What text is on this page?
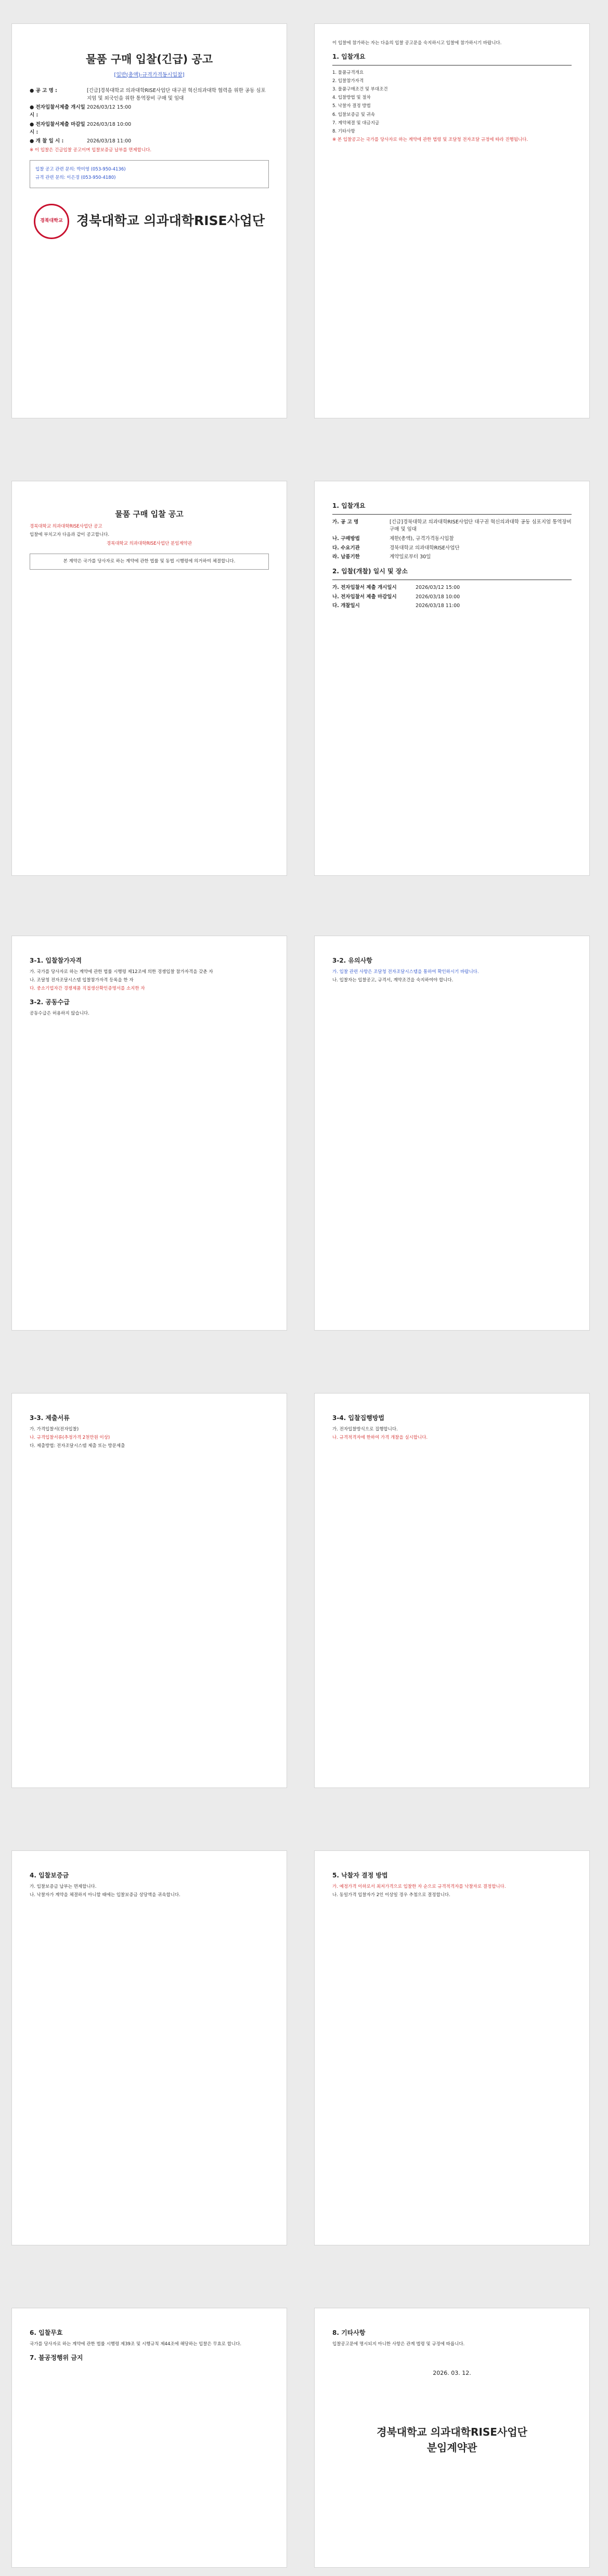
물품 구매 입찰(긴급) 공고
[일반(총액)-규격가격동시입찰]
● 공 고 명 :	[긴급]경북대학교 의과대학RISE사업단 대구권 혁신의과대학 협력을 위한 공동 심포지엄 및 외국인을 위한 통역장비 구매 및 임대
● 전자입찰서제출 개시일시 :
2026/03/12 15:00
● 전자입찰서제출 마감일시 :
2026/03/18 10:00
● 개 찰 일 시 :	2026/03/18 11:00

※ 이 입찰은 긴급입찰 공고이며 입찰보증금 납부를 면제합니다.

입찰 공고 관련 문의: 박미영 (053-950-4136)

규격 관련 문의: 이은경 (053-950-4180)

경북대학교	경북대학교 의과대학RISE사업단

이 입찰에 참가하는 자는 다음의 입찰 공고문을 숙지하시고 입찰에 참가하시기 바랍니다.

1. 입찰개요

1. 물품규격개요

2. 입찰참가자격

3. 물품구매조건 및 부대조건

4. 입찰방법 및 절차

5. 낙찰자 결정 방법

6. 입찰보증금 및 귀속

7. 계약체결 및 대금지급

8. 기타사항

※ 본 입찰공고는 국가를 당사자로 하는 계약에 관한 법령 및 조달청 전자조달 규정에 따라 진행됩니다.

물품 구매 입찰 공고

경북대학교 의과대학RISE사업단 공고

입찰에 부치고자 다음과 같이 공고합니다.

경북대학교 의과대학RISE사업단 분임계약관

본 계약은 국가를 당사자로 하는 계약에 관한 법률 및 동법 시행령에 의거하여 체결합니다.
1. 입찰개요
가. 공 고 명	[긴급]경북대학교 의과대학RISE사업단 대구권 혁신의과대학 공동 심포지엄 통역장비 구매 및 임대
나. 구매방법	제한(총액), 규격가격동시입찰
다. 수요기관	경북대학교 의과대학RISE사업단
라. 납품기한	계약일로부터 30일
2. 입찰(개찰) 일시 및 장소
가. 전자입찰서 제출 개시일시	2026/03/12 15:00
나. 전자입찰서 제출 마감일시	2026/03/18 10:00
다. 개찰일시	2026/03/18 11:00
3-1. 입찰참가자격

가. 국가를 당사자로 하는 계약에 관한 법률 시행령 제12조에 의한 경쟁입찰 참가자격을 갖춘 자

나. 조달청 전자조달시스템 입찰참가자격 등록을 한 자

다. 중소기업자간 경쟁제품 직접생산확인증명서를 소지한 자

3-2. 공동수급

공동수급은 허용하지 않습니다.

3-2. 유의사항

가. 입찰 관련 사항은 조달청 전자조달시스템을 통하여 확인하시기 바랍니다.

나. 입찰자는 입찰공고, 규격서, 계약조건을 숙지하여야 합니다.

3-3. 제출서류

가. 가격입찰서(전자입찰)

나. 규격입찰서류(추정가격 2천만원 이상)

다. 제출방법: 전자조달시스템 제출 또는 방문제출

3-4. 입찰집행방법

가. 전자입찰방식으로 집행합니다.

나. 규격적격자에 한하여 가격 개찰을 실시합니다.

4. 입찰보증금

가. 입찰보증금 납부는 면제합니다.

나. 낙찰자가 계약을 체결하지 아니할 때에는 입찰보증금 상당액을 귀속합니다.

5. 낙찰자 결정 방법

가. 예정가격 이하로서 최저가격으로 입찰한 자 순으로 규격적격자를 낙찰자로 결정합니다.

나. 동일가격 입찰자가 2인 이상일 경우 추첨으로 결정합니다.

6. 입찰무효

국가를 당사자로 하는 계약에 관한 법률 시행령 제39조 및 시행규칙 제44조에 해당하는 입찰은 무효로 합니다.

7. 불공정행위 금지
8. 기타사항

입찰공고문에 명시되지 아니한 사항은 관계 법령 및 규정에 따릅니다.

2026. 03. 12.

경북대학교 의과대학RISE사업단
분임계약관
